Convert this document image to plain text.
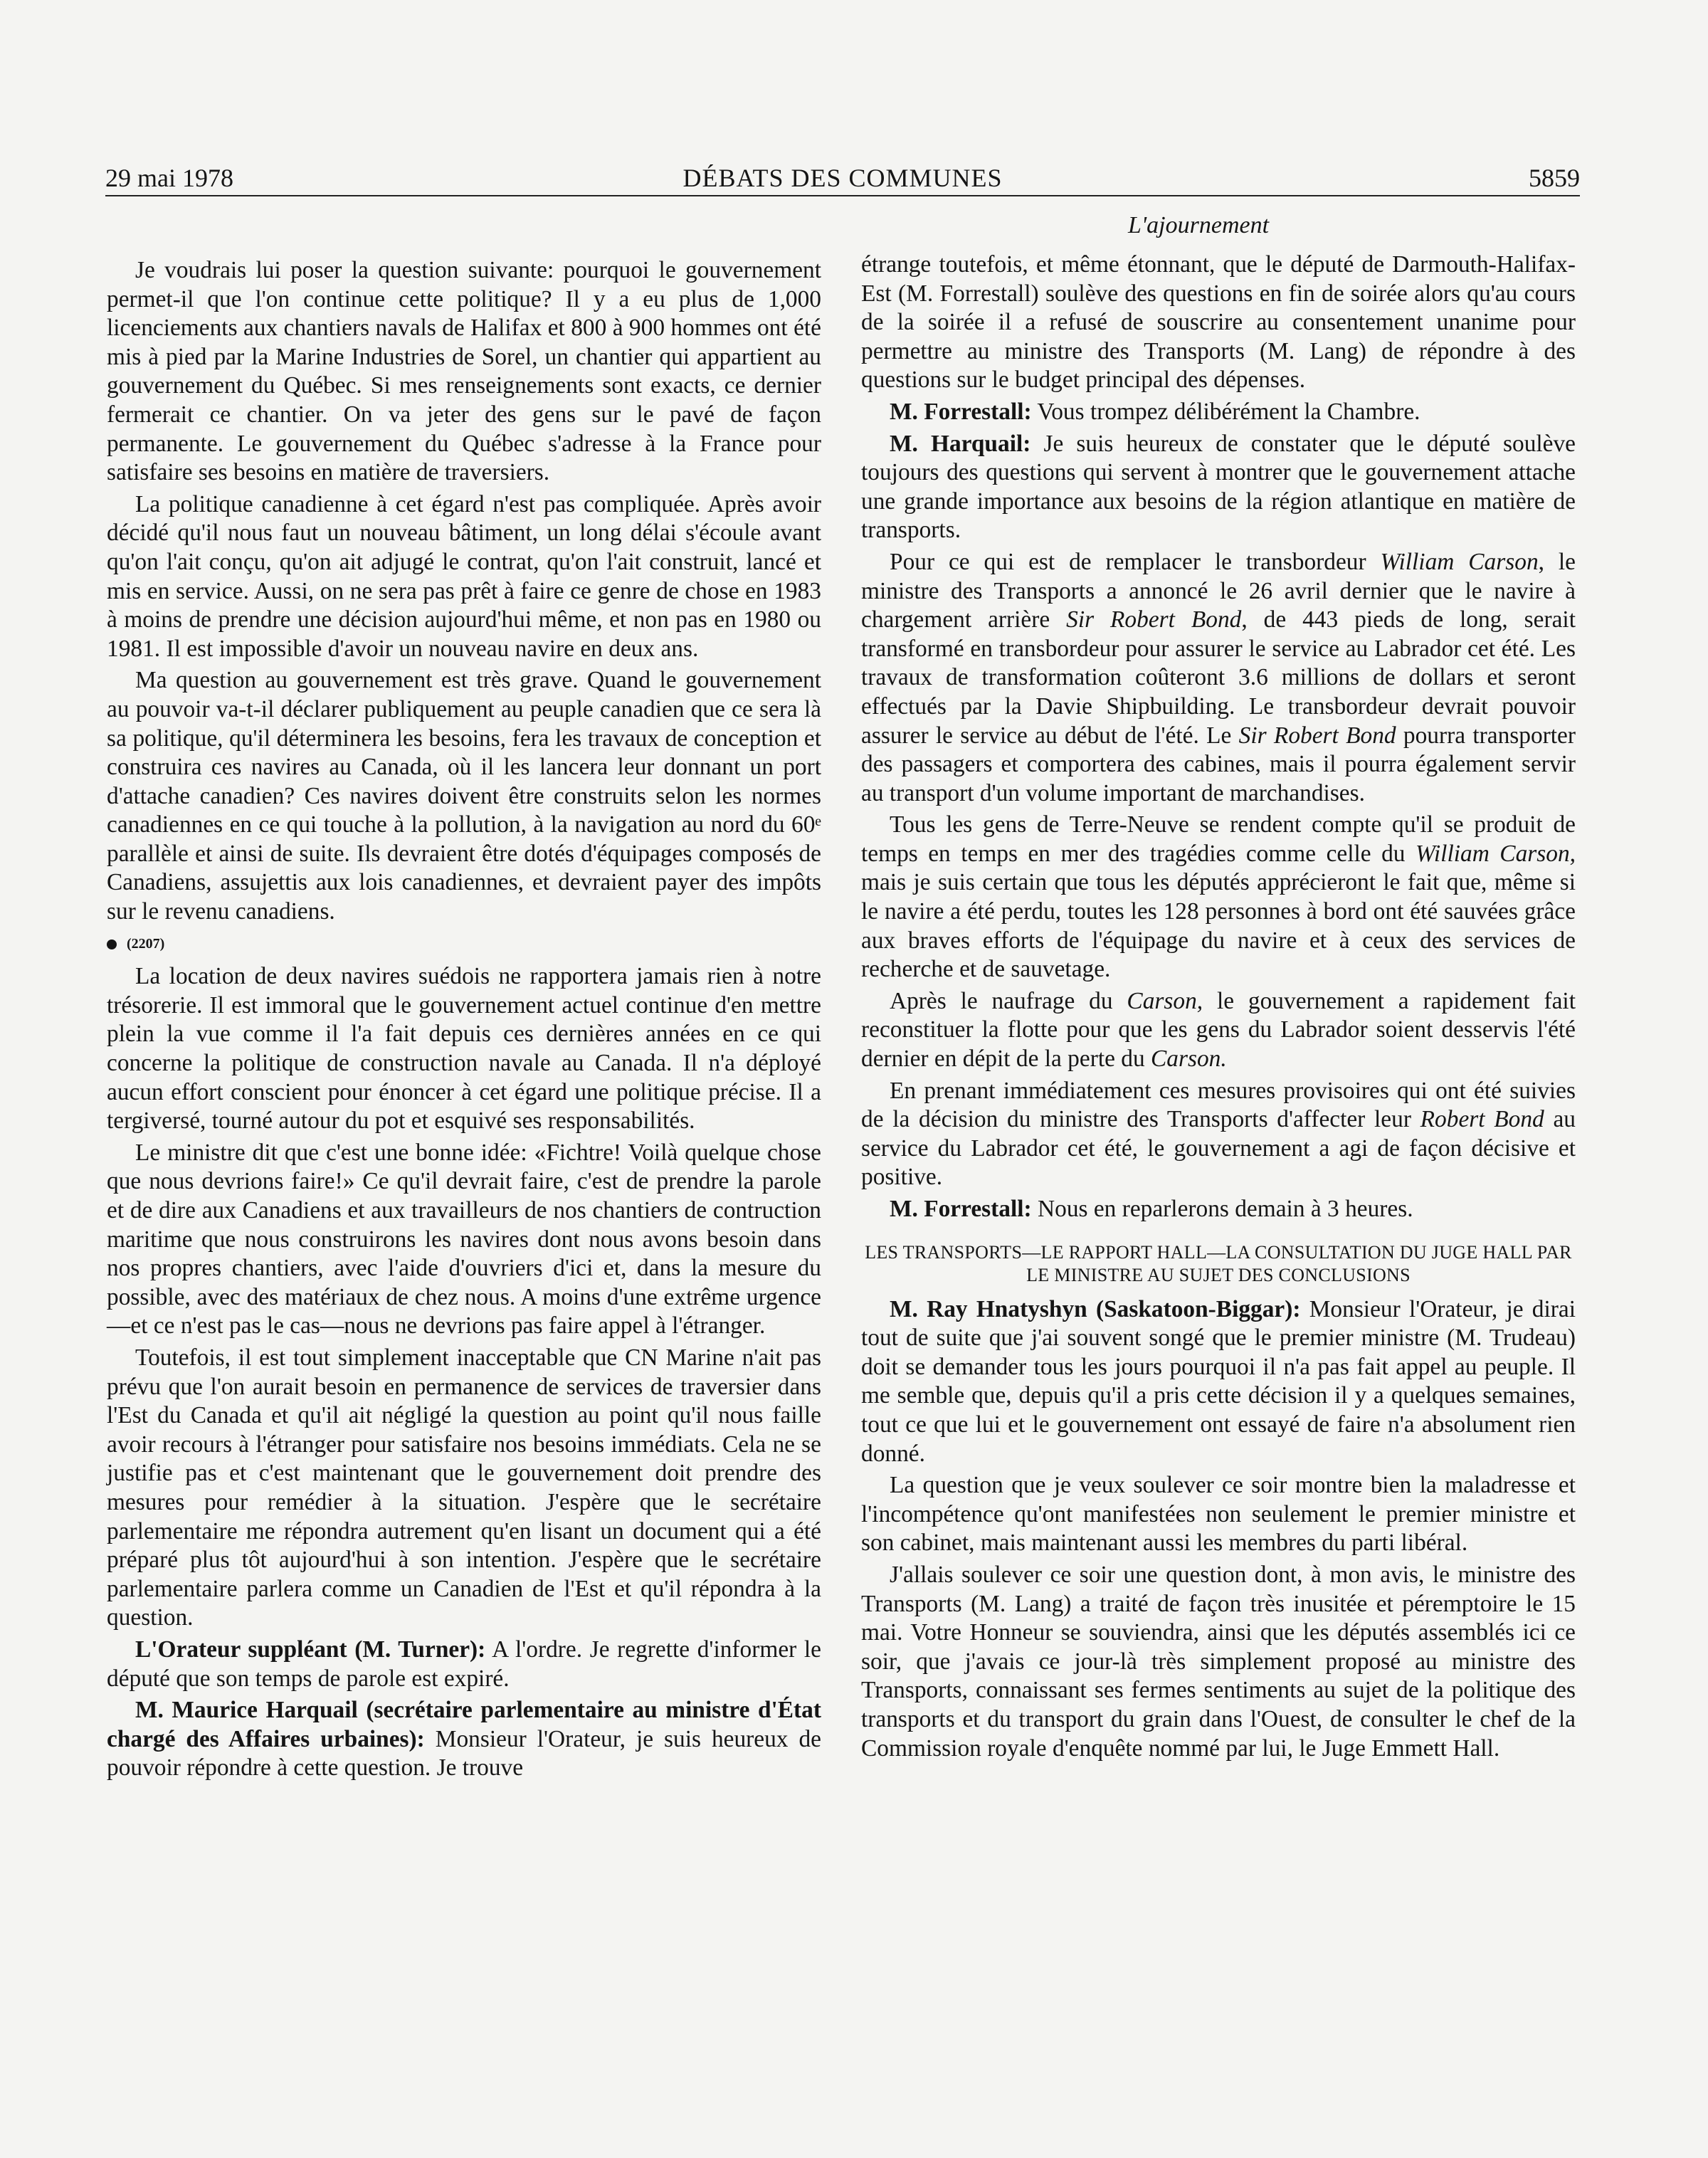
29 mai 1978	DÉBATS DES COMMUNES	5859
L'ajournement

Je voudrais lui poser la question suivante: pourquoi le gouvernement permet-il que l'on continue cette politique? Il y a eu plus de 1,000 licenciements aux chantiers navals de Halifax et 800 à 900 hommes ont été mis à pied par la Marine Industries de Sorel, un chantier qui appartient au gouvernement du Québec. Si mes renseignements sont exacts, ce dernier fermerait ce chantier. On va jeter des gens sur le pavé de façon permanente. Le gouvernement du Québec s'adresse à la France pour satisfaire ses besoins en matière de traversiers.

La politique canadienne à cet égard n'est pas compliquée. Après avoir décidé qu'il nous faut un nouveau bâtiment, un long délai s'écoule avant qu'on l'ait conçu, qu'on ait adjugé le contrat, qu'on l'ait construit, lancé et mis en service. Aussi, on ne sera pas prêt à faire ce genre de chose en 1983 à moins de prendre une décision aujourd'hui même, et non pas en 1980 ou 1981. Il est impossible d'avoir un nouveau navire en deux ans.

Ma question au gouvernement est très grave. Quand le gouvernement au pouvoir va-t-il déclarer publiquement au peuple canadien que ce sera là sa politique, qu'il déterminera les besoins, fera les travaux de conception et construira ces navires au Canada, où il les lancera leur donnant un port d'attache canadien? Ces navires doivent être construits selon les normes canadiennes en ce qui touche à la pollution, à la navigation au nord du 60ᵉ parallèle et ainsi de suite. Ils devraient être dotés d'équipages composés de Canadiens, assujettis aux lois canadiennes, et devraient payer des impôts sur le revenu canadiens.

(2207)

La location de deux navires suédois ne rapportera jamais rien à notre trésorerie. Il est immoral que le gouvernement actuel continue d'en mettre plein la vue comme il l'a fait depuis ces dernières années en ce qui concerne la politique de construction navale au Canada. Il n'a déployé aucun effort conscient pour énoncer à cet égard une politique précise. Il a tergiversé, tourné autour du pot et esquivé ses responsabilités.

Le ministre dit que c'est une bonne idée: «Fichtre! Voilà quelque chose que nous devrions faire!» Ce qu'il devrait faire, c'est de prendre la parole et de dire aux Canadiens et aux travailleurs de nos chantiers de contruction maritime que nous construirons les navires dont nous avons besoin dans nos propres chantiers, avec l'aide d'ouvriers d'ici et, dans la mesure du possible, avec des matériaux de chez nous. A moins d'une extrême urgence—et ce n'est pas le cas—nous ne devrions pas faire appel à l'étranger.

Toutefois, il est tout simplement inacceptable que CN Marine n'ait pas prévu que l'on aurait besoin en permanence de services de traversier dans l'Est du Canada et qu'il ait négligé la question au point qu'il nous faille avoir recours à l'étranger pour satisfaire nos besoins immédiats. Cela ne se justifie pas et c'est maintenant que le gouvernement doit prendre des mesures pour remédier à la situation. J'espère que le secrétaire parlementaire me répondra autrement qu'en lisant un document qui a été préparé plus tôt aujourd'hui à son intention. J'espère que le secrétaire parlementaire parlera comme un Canadien de l'Est et qu'il répondra à la question.

L'Orateur suppléant (M. Turner): A l'ordre. Je regrette d'informer le député que son temps de parole est expiré.

M. Maurice Harquail (secrétaire parlementaire au ministre d'État chargé des Affaires urbaines): Monsieur l'Orateur, je suis heureux de pouvoir répondre à cette question. Je trouve

étrange toutefois, et même étonnant, que le député de Darmouth-Halifax-Est (M. Forrestall) soulève des questions en fin de soirée alors qu'au cours de la soirée il a refusé de souscrire au consentement unanime pour permettre au ministre des Transports (M. Lang) de répondre à des questions sur le budget principal des dépenses.

M. Forrestall: Vous trompez délibérément la Chambre.

M. Harquail: Je suis heureux de constater que le député soulève toujours des questions qui servent à montrer que le gouvernement attache une grande importance aux besoins de la région atlantique en matière de transports.

Pour ce qui est de remplacer le transbordeur William Carson, le ministre des Transports a annoncé le 26 avril dernier que le navire à chargement arrière Sir Robert Bond, de 443 pieds de long, serait transformé en transbordeur pour assurer le service au Labrador cet été. Les travaux de transformation coûteront 3.6 millions de dollars et seront effectués par la Davie Shipbuilding. Le transbordeur devrait pouvoir assurer le service au début de l'été. Le Sir Robert Bond pourra transporter des passagers et comportera des cabines, mais il pourra également servir au transport d'un volume important de marchandises.

Tous les gens de Terre-Neuve se rendent compte qu'il se produit de temps en temps en mer des tragédies comme celle du William Carson, mais je suis certain que tous les députés apprécieront le fait que, même si le navire a été perdu, toutes les 128 personnes à bord ont été sauvées grâce aux braves efforts de l'équipage du navire et à ceux des services de recherche et de sauvetage.

Après le naufrage du Carson, le gouvernement a rapidement fait reconstituer la flotte pour que les gens du Labrador soient desservis l'été dernier en dépit de la perte du Carson.

En prenant immédiatement ces mesures provisoires qui ont été suivies de la décision du ministre des Transports d'affecter leur Robert Bond au service du Labrador cet été, le gouvernement a agi de façon décisive et positive.

M. Forrestall: Nous en reparlerons demain à 3 heures.

LES TRANSPORTS—LE RAPPORT HALL—LA CONSULTATION DU JUGE HALL PAR LE MINISTRE AU SUJET DES CONCLUSIONS

M. Ray Hnatyshyn (Saskatoon-Biggar): Monsieur l'Orateur, je dirai tout de suite que j'ai souvent songé que le premier ministre (M. Trudeau) doit se demander tous les jours pourquoi il n'a pas fait appel au peuple. Il me semble que, depuis qu'il a pris cette décision il y a quelques semaines, tout ce que lui et le gouvernement ont essayé de faire n'a absolument rien donné.

La question que je veux soulever ce soir montre bien la maladresse et l'incompétence qu'ont manifestées non seulement le premier ministre et son cabinet, mais maintenant aussi les membres du parti libéral.

J'allais soulever ce soir une question dont, à mon avis, le ministre des Transports (M. Lang) a traité de façon très inusitée et péremptoire le 15 mai. Votre Honneur se souviendra, ainsi que les députés assemblés ici ce soir, que j'avais ce jour-là très simplement proposé au ministre des Transports, connaissant ses fermes sentiments au sujet de la politique des transports et du transport du grain dans l'Ouest, de consulter le chef de la Commission royale d'enquête nommé par lui, le Juge Emmett Hall.
